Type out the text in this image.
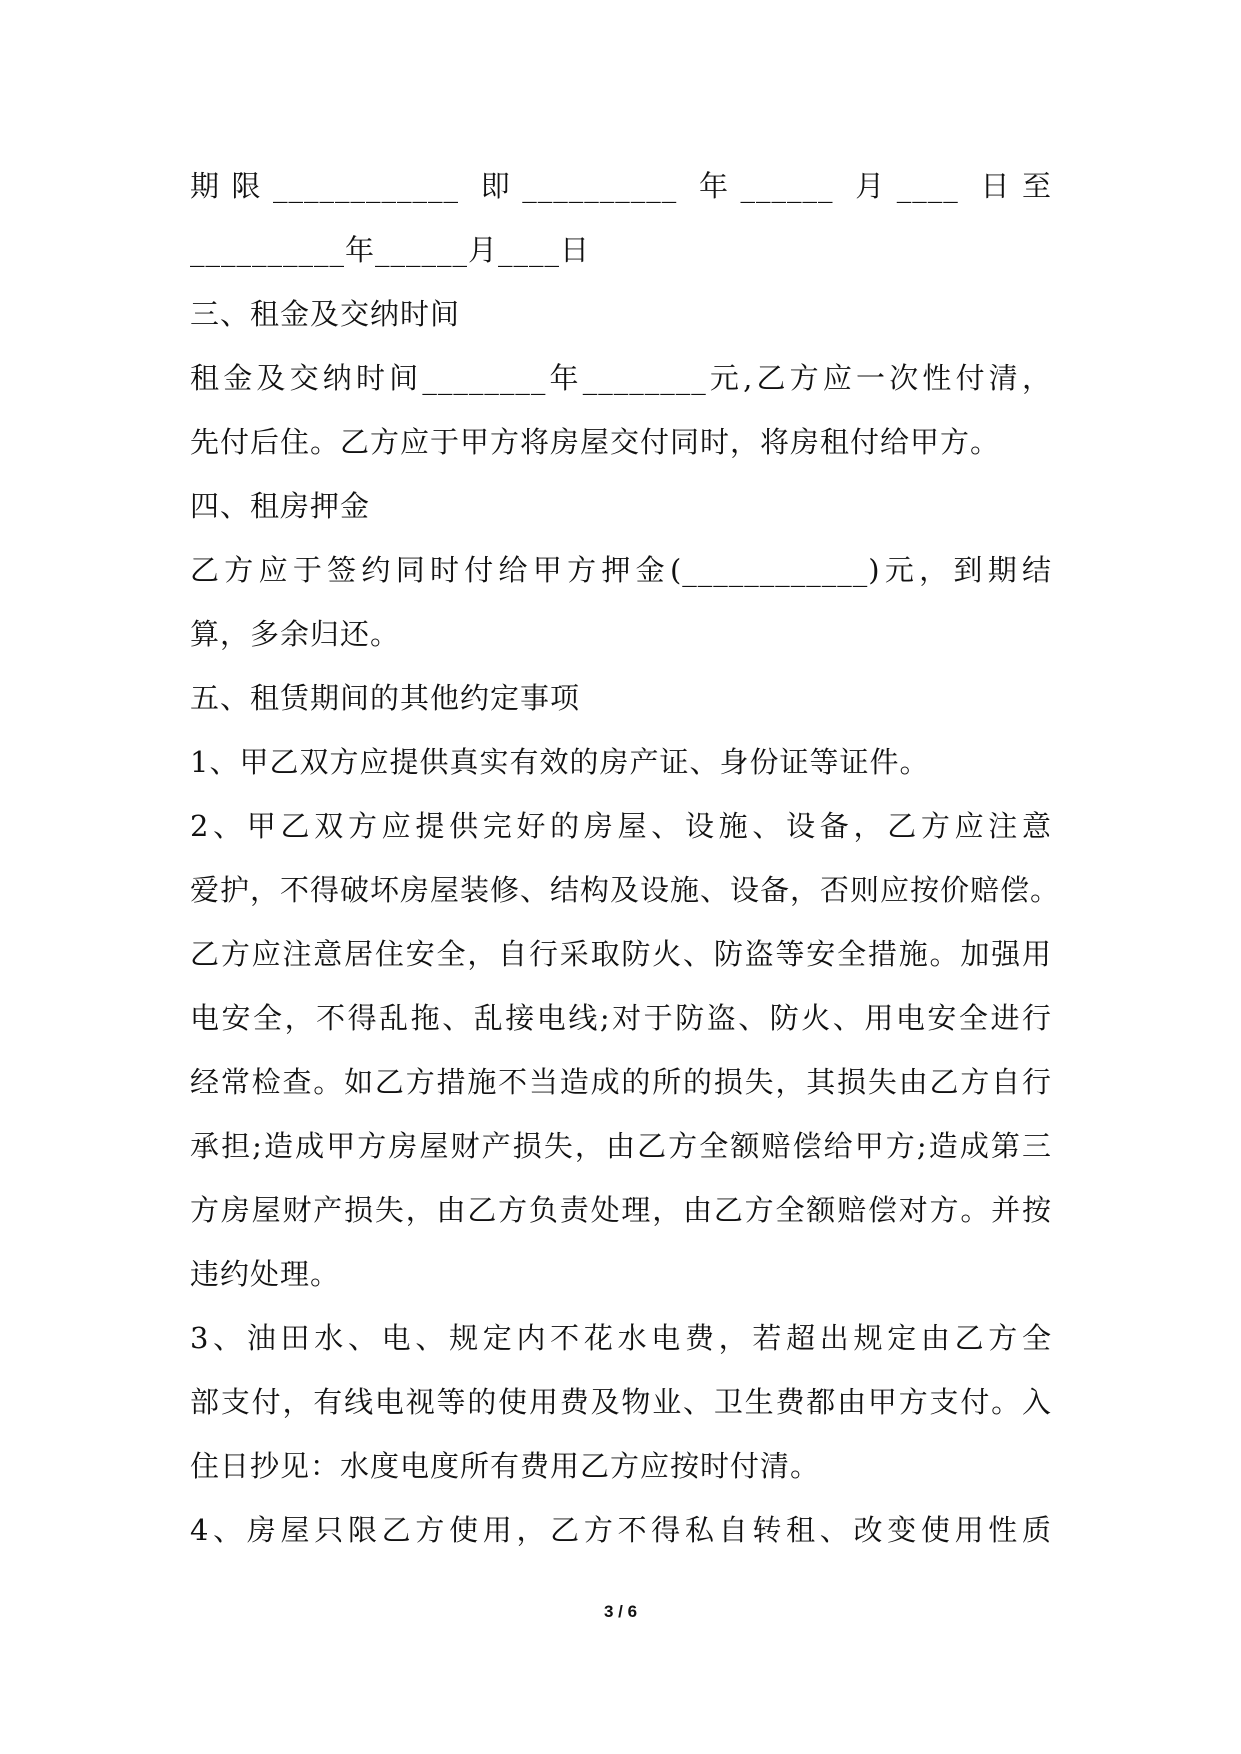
期限____________ 即__________ 年______ 月____ 日至
__________年______月____日
三、租金及交纳时间
租金及交纳时间________年________元,乙方应一次性付清，
先付后住。乙方应于甲方将房屋交付同时，将房租付给甲方。
四、租房押金
乙方应于签约同时付给甲方押金(____________)元，到期结
算，多余归还。
五、租赁期间的其他约定事项
1、甲乙双方应提供真实有效的房产证、身份证等证件。
2、甲乙双方应提供完好的房屋、设施、设备，乙方应注意
爱护，不得破坏房屋装修、结构及设施、设备，否则应按价赔偿。
乙方应注意居住安全，自行采取防火、防盗等安全措施。加强用
电安全，不得乱拖、乱接电线;对于防盗、防火、用电安全进行
经常检查。如乙方措施不当造成的所的损失，其损失由乙方自行
承担;造成甲方房屋财产损失，由乙方全额赔偿给甲方;造成第三
方房屋财产损失，由乙方负责处理，由乙方全额赔偿对方。并按
违约处理。
3、油田水、电、规定内不花水电费，若超出规定由乙方全
部支付，有线电视等的使用费及物业、卫生费都由甲方支付。入
住日抄见：水度电度所有费用乙方应按时付清。
4、房屋只限乙方使用，乙方不得私自转租、改变使用性质
3 / 6
